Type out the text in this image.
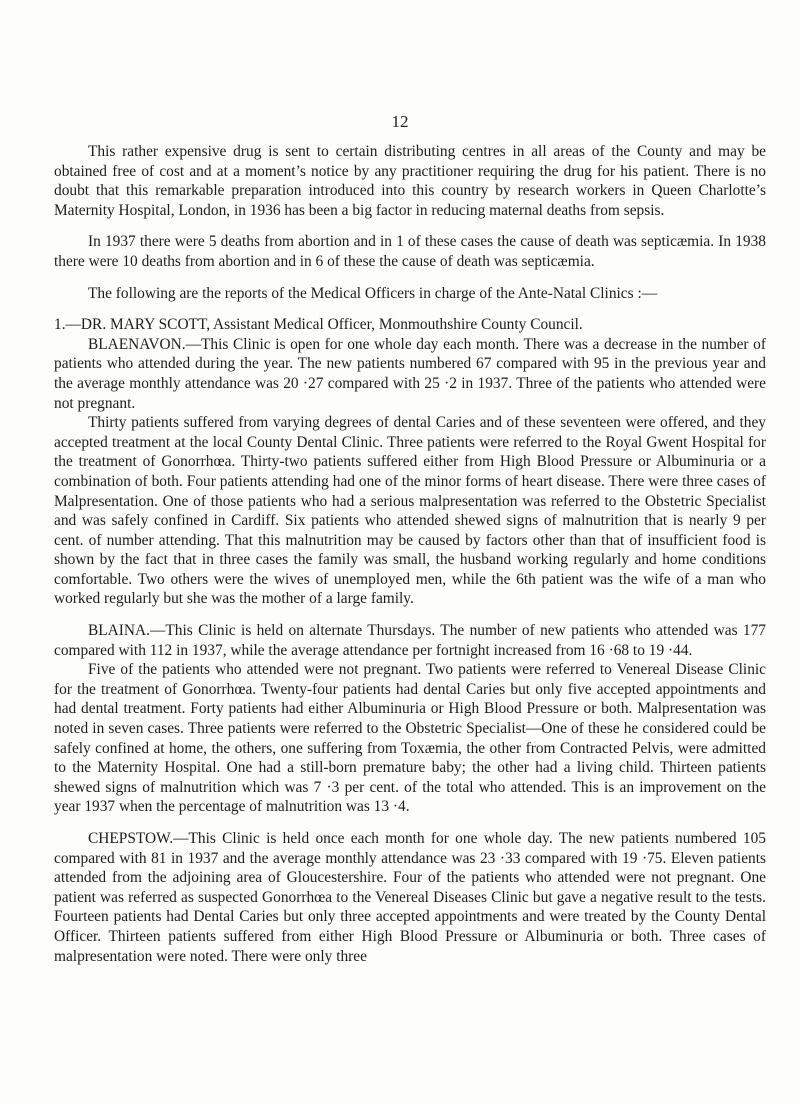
12

This rather expensive drug is sent to certain distributing centres in all areas of the County and may be obtained free of cost and at a moment’s notice by any practitioner requiring the drug for his patient. There is no doubt that this remarkable preparation introduced into this country by research workers in Queen Charlotte’s Maternity Hospital, London, in 1936 has been a big factor in reducing maternal deaths from sepsis.

In 1937 there were 5 deaths from abortion and in 1 of these cases the cause of death was septicæmia. In 1938 there were 10 deaths from abortion and in 6 of these the cause of death was septicæmia.

The following are the reports of the Medical Officers in charge of the Ante-Natal Clinics :—

1.—DR. MARY SCOTT, Assistant Medical Officer, Monmouthshire County Council.

BLAENAVON.—This Clinic is open for one whole day each month. There was a decrease in the number of patients who attended during the year. The new patients numbered 67 compared with 95 in the previous year and the average monthly attendance was 20 ·27 compared with 25 ·2 in 1937. Three of the patients who attended were not pregnant.

Thirty patients suffered from varying degrees of dental Caries and of these seventeen were offered, and they accepted treatment at the local County Dental Clinic. Three patients were referred to the Royal Gwent Hospital for the treatment of Gonorrhœa. Thirty-two patients suffered either from High Blood Pressure or Albuminuria or a combination of both. Four patients attending had one of the minor forms of heart disease. There were three cases of Malpresentation. One of those patients who had a serious malpresentation was referred to the Obstetric Specialist and was safely confined in Cardiff. Six patients who attended shewed signs of malnutrition that is nearly 9 per cent. of number attending. That this malnutrition may be caused by factors other than that of insufficient food is shown by the fact that in three cases the family was small, the husband working regularly and home conditions comfortable. Two others were the wives of unemployed men, while the 6th patient was the wife of a man who worked regularly but she was the mother of a large family.

BLAINA.—This Clinic is held on alternate Thursdays. The number of new patients who attended was 177 compared with 112 in 1937, while the average attendance per fortnight increased from 16 ·68 to 19 ·44.

Five of the patients who attended were not pregnant. Two patients were referred to Venereal Disease Clinic for the treatment of Gonorrhœa. Twenty-four patients had dental Caries but only five accepted appointments and had dental treatment. Forty patients had either Albuminuria or High Blood Pressure or both. Malpresentation was noted in seven cases. Three patients were referred to the Obstetric Specialist—One of these he considered could be safely confined at home, the others, one suffering from Toxæmia, the other from Contracted Pelvis, were admitted to the Maternity Hospital. One had a still-born premature baby; the other had a living child. Thirteen patients shewed signs of malnutrition which was 7 ·3 per cent. of the total who attended. This is an improvement on the year 1937 when the percentage of malnutrition was 13 ·4.

CHEPSTOW.—This Clinic is held once each month for one whole day. The new patients numbered 105 compared with 81 in 1937 and the average monthly attendance was 23 ·33 compared with 19 ·75. Eleven patients attended from the adjoining area of Gloucestershire. Four of the patients who attended were not pregnant. One patient was referred as suspected Gonorrhœa to the Venereal Diseases Clinic but gave a negative result to the tests. Fourteen patients had Dental Caries but only three accepted appointments and were treated by the County Dental Officer. Thirteen patients suffered from either High Blood Pressure or Albuminuria or both. Three cases of malpresentation were noted. There were only three
